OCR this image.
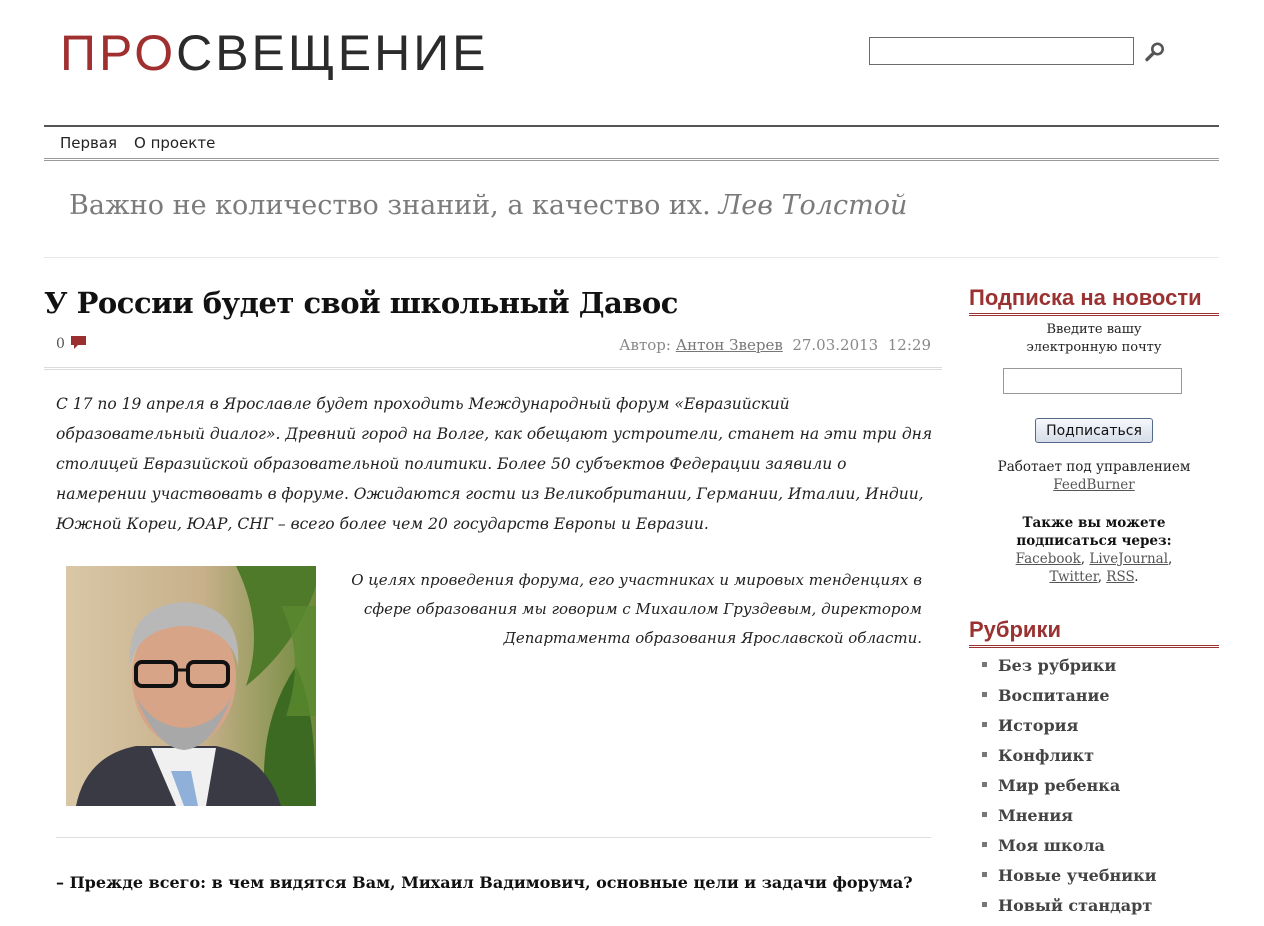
ПРОСВЕЩЕНИЕ
Первая О проекте
Важно не количество знаний, а качество их. Лев Толстой
У России будет свой школьный Давос
0	Автор: Антон Зверев 27.03.2013 12:29

С 17 по 19 апреля в Ярославле будет проходить Международный форум «Евразийский образовательный диалог». Древний город на Волге, как обещают устроители, станет на эти три дня столицей Евразийской образовательной политики. Более 50 субъектов Федерации заявили о намерении участвовать в форуме. Ожидаются гости из Великобритании, Германии, Италии, Индии, Южной Кореи, ЮАР, СНГ – всего более чем 20 государств Европы и Евразии.

О целях проведения форума, его участниках и мировых тенденциях в сфере образования мы говорим с Михаилом Груздевым, директором Департамента образования Ярославской области.

– Прежде всего: в чем видятся Вам, Михаил Вадимович, основные цели и задачи форума?

Подписка на новости
Введите вашу
электронную почту
Подписаться
Работает под управлением
FeedBurner
Также вы можете
подписаться через:
Facebook, LiveJournal,
Twitter, RSS.
Рубрики
Без рубрики
Воспитание
История
Конфликт
Мир ребенка
Мнения
Моя школа
Новые учебники
Новый стандарт
